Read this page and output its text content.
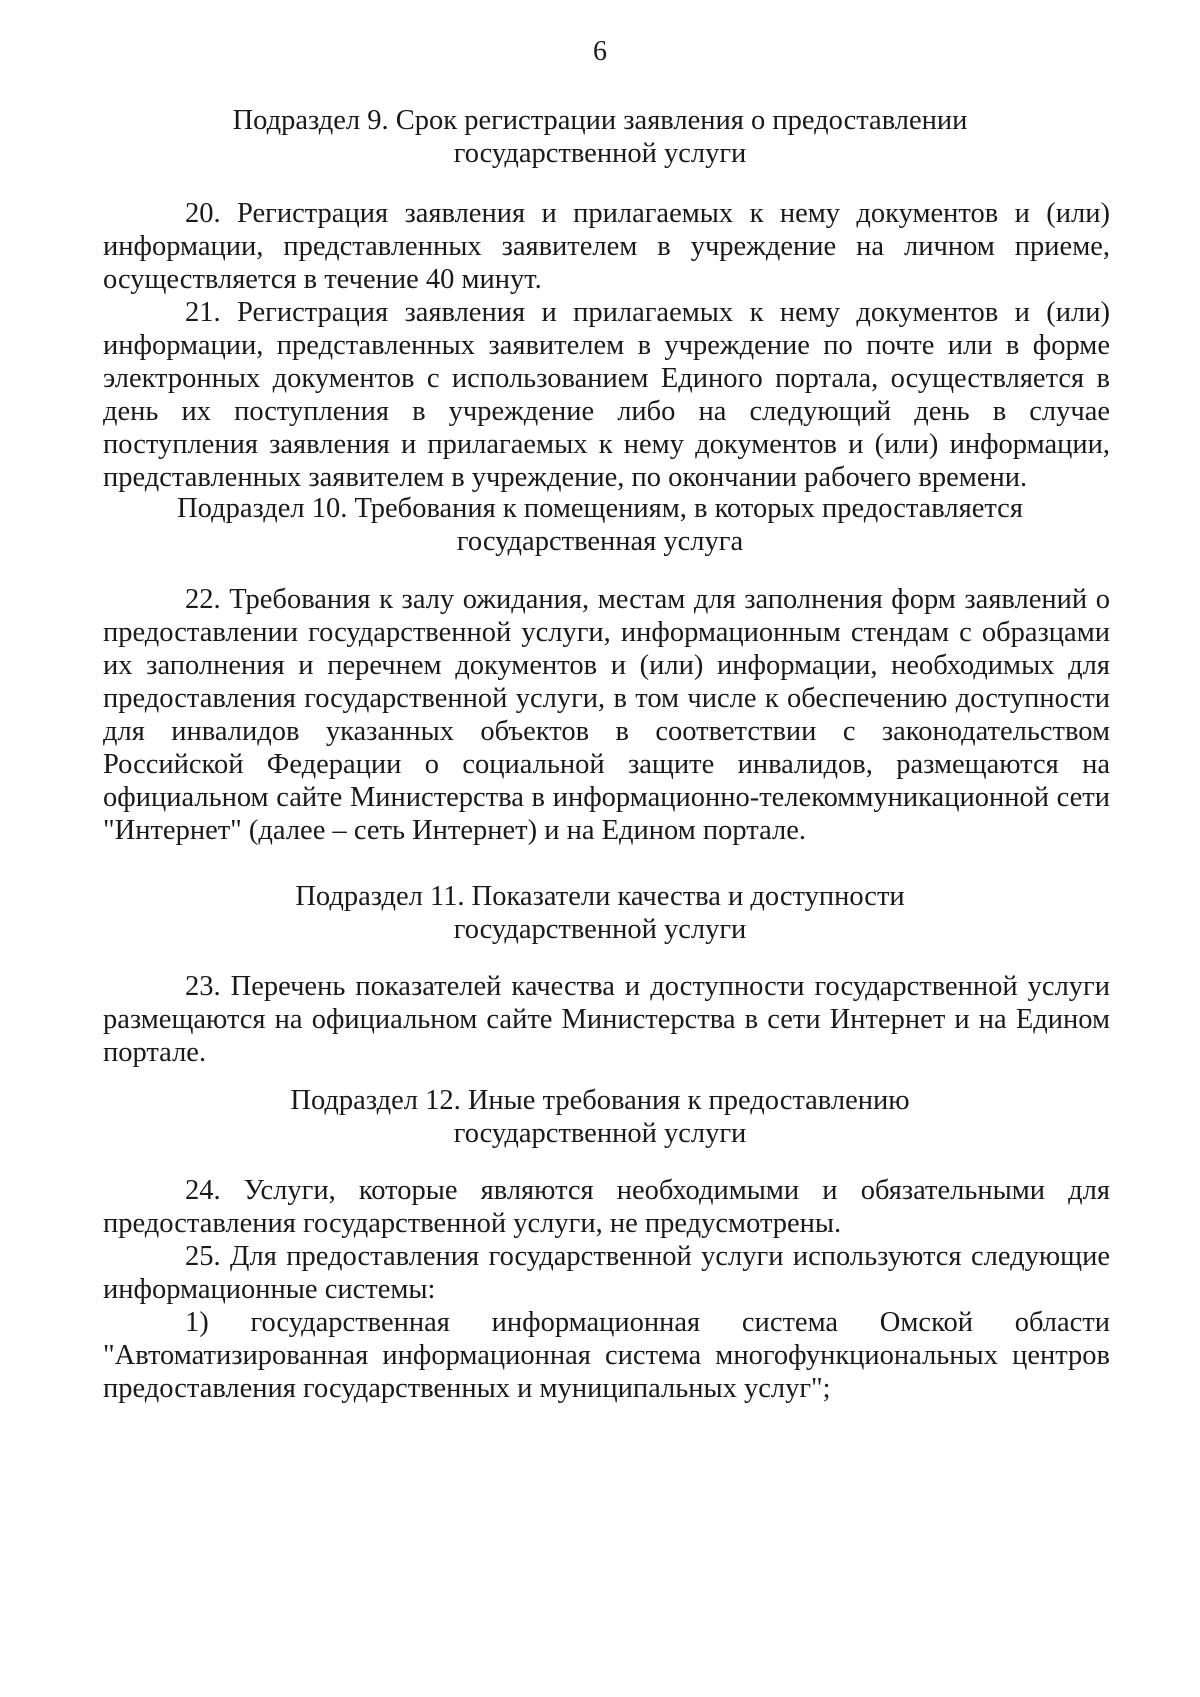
6
Подраздел 9. Срок регистрации заявления о предоставлении
государственной услуги
20. Регистрация заявления и прилагаемых к нему документов и (или) информации, представленных заявителем в учреждение на личном приеме, осуществляется в течение 40 минут.
21. Регистрация заявления и прилагаемых к нему документов и (или) информации, представленных заявителем в учреждение по почте или в форме электронных документов с использованием Единого портала, осуществляется в день их поступления в учреждение либо на следующий день в случае поступления заявления и прилагаемых к нему документов и (или) информации, представленных заявителем в учреждение, по окончании рабочего времени.
Подраздел 10. Требования к помещениям, в которых предоставляется
государственная услуга
22. Требования к залу ожидания, местам для заполнения форм заявлений о предоставлении государственной услуги, информационным стендам с образцами их заполнения и перечнем документов и (или) информации, необходимых для предоставления государственной услуги, в том числе к обеспечению доступности для инвалидов указанных объектов в соответствии с законодательством Российской Федерации о социальной защите инвалидов, размещаются на официальном сайте Министерства в информационно-телекоммуникационной сети "Интернет" (далее – сеть Интернет) и на Едином портале.
Подраздел 11. Показатели качества и доступности
государственной услуги
23. Перечень показателей качества и доступности государственной услуги размещаются на официальном сайте Министерства в сети Интернет и на Едином портале.
Подраздел 12. Иные требования к предоставлению
государственной услуги
24. Услуги, которые являются необходимыми и обязательными для предоставления государственной услуги, не предусмотрены.
25. Для предоставления государственной услуги используются следующие информационные системы:
1) государственная информационная система Омской области "Автоматизированная информационная система многофункциональных центров предоставления государственных и муниципальных услуг";
